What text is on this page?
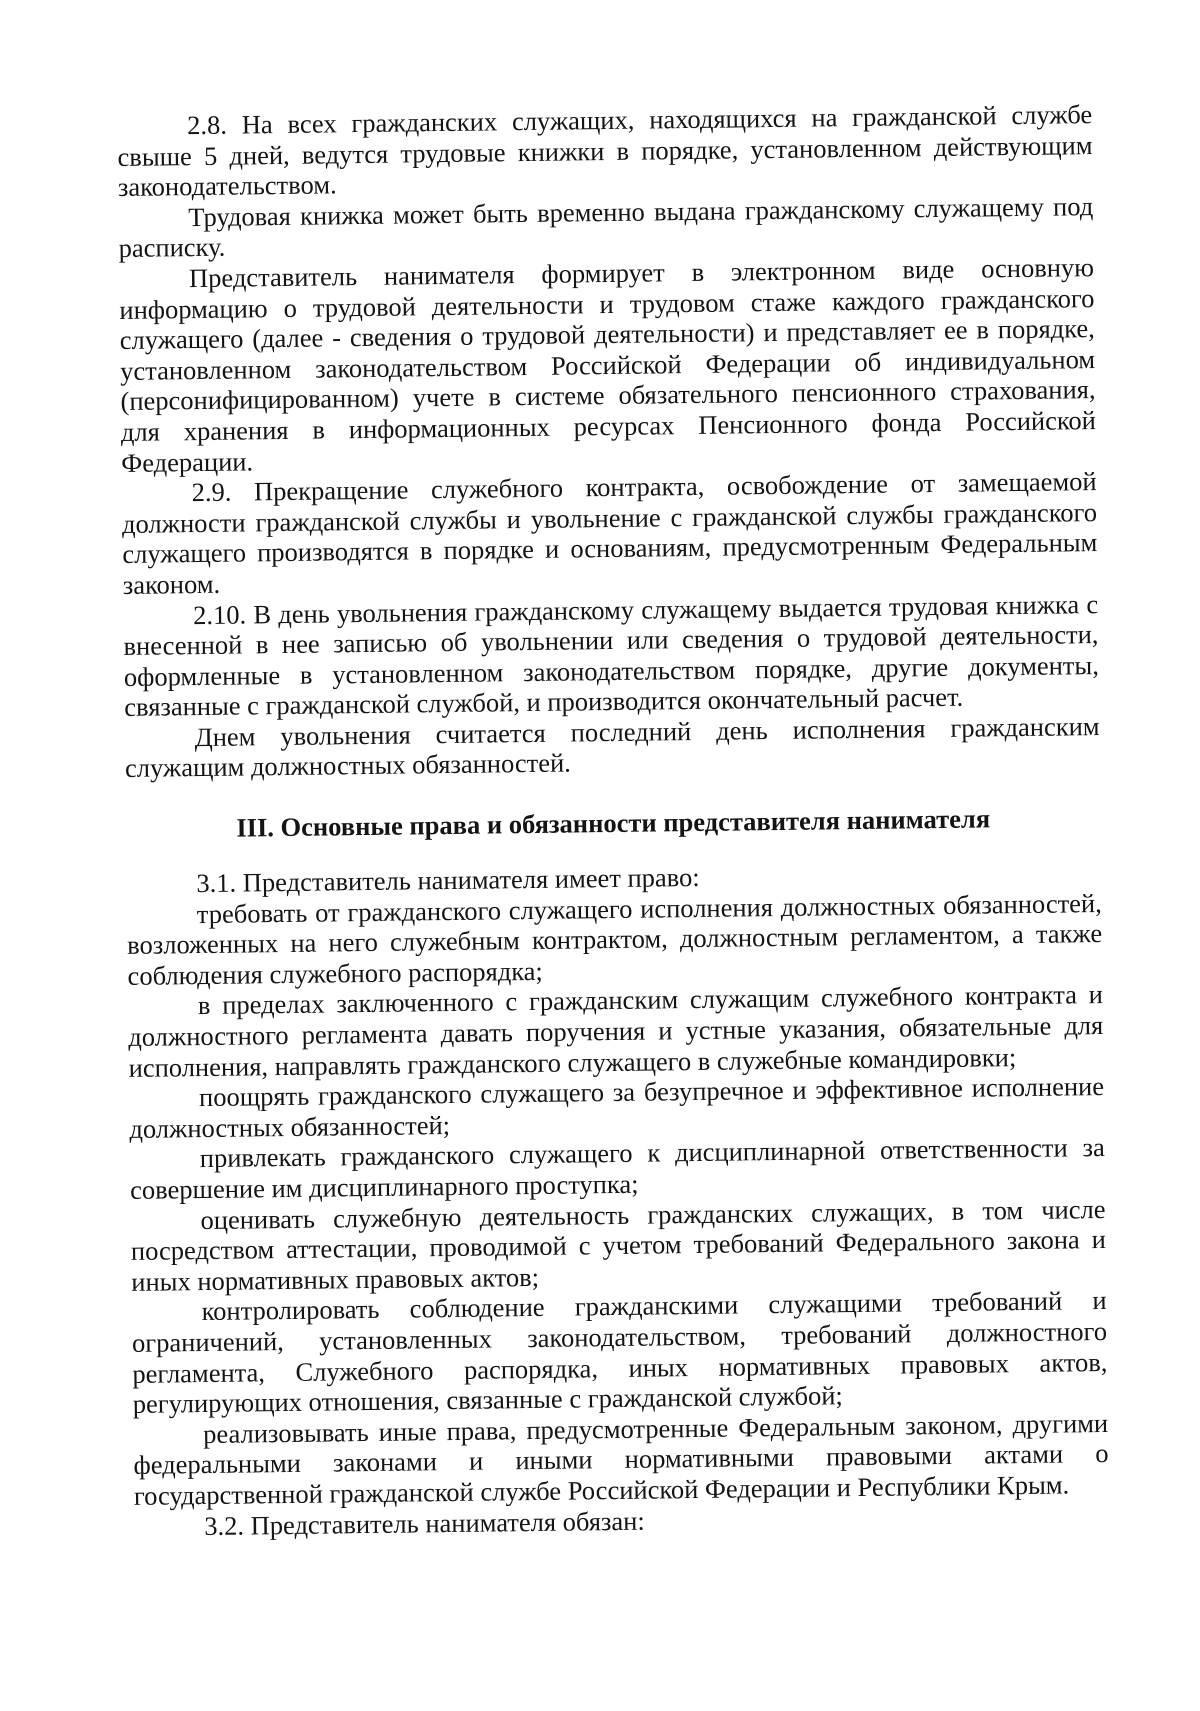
2.8. На всех гражданских служащих, находящихся на гражданской службе свыше 5 дней, ведутся трудовые книжки в порядке, установленном действующим законодательством.

Трудовая книжка может быть временно выдана гражданскому служащему под расписку.

Представитель нанимателя формирует в электронном виде основную информацию о трудовой деятельности и трудовом стаже каждого гражданского служащего (далее - сведения о трудовой деятельности) и представляет ее в порядке, установленном законодательством Российской Федерации об индивидуальном (персонифицированном) учете в системе обязательного пенсионного страхования, для хранения в информационных ресурсах Пенсионного фонда Российской Федерации.

2.9. Прекращение служебного контракта, освобождение от замещаемой должности гражданской службы и увольнение с гражданской службы гражданского служащего производятся в порядке и основаниям, предусмотренным Федеральным законом.

2.10. В день увольнения гражданскому служащему выдается трудовая книжка с внесенной в нее записью об увольнении или сведения о трудовой деятельности, оформленные в установленном законодательством порядке, другие документы, связанные с гражданской службой, и производится окончательный расчет.

Днем увольнения считается последний день исполнения гражданским служащим должностных обязанностей.

III. Основные права и обязанности представителя нанимателя

3.1. Представитель нанимателя имеет право:

требовать от гражданского служащего исполнения должностных обязанностей, возложенных на него служебным контрактом, должностным регламентом, а также соблюдения служебного распорядка;

в пределах заключенного с гражданским служащим служебного контракта и должностного регламента давать поручения и устные указания, обязательные для исполнения, направлять гражданского служащего в служебные командировки;

поощрять гражданского служащего за безупречное и эффективное исполнение должностных обязанностей;

привлекать гражданского служащего к дисциплинарной ответственности за совершение им дисциплинарного проступка;

оценивать служебную деятельность гражданских служащих, в том числе посредством аттестации, проводимой с учетом требований Федерального закона и иных нормативных правовых актов;

контролировать соблюдение гражданскими служащими требований и ограничений, установленных законодательством, требований должностного регламента, Служебного распорядка, иных нормативных правовых актов, регулирующих отношения, связанные с гражданской службой;

реализовывать иные права, предусмотренные Федеральным законом, другими федеральными законами и иными нормативными правовыми актами о государственной гражданской службе Российской Федерации и Республики Крым.

3.2. Представитель нанимателя обязан:
